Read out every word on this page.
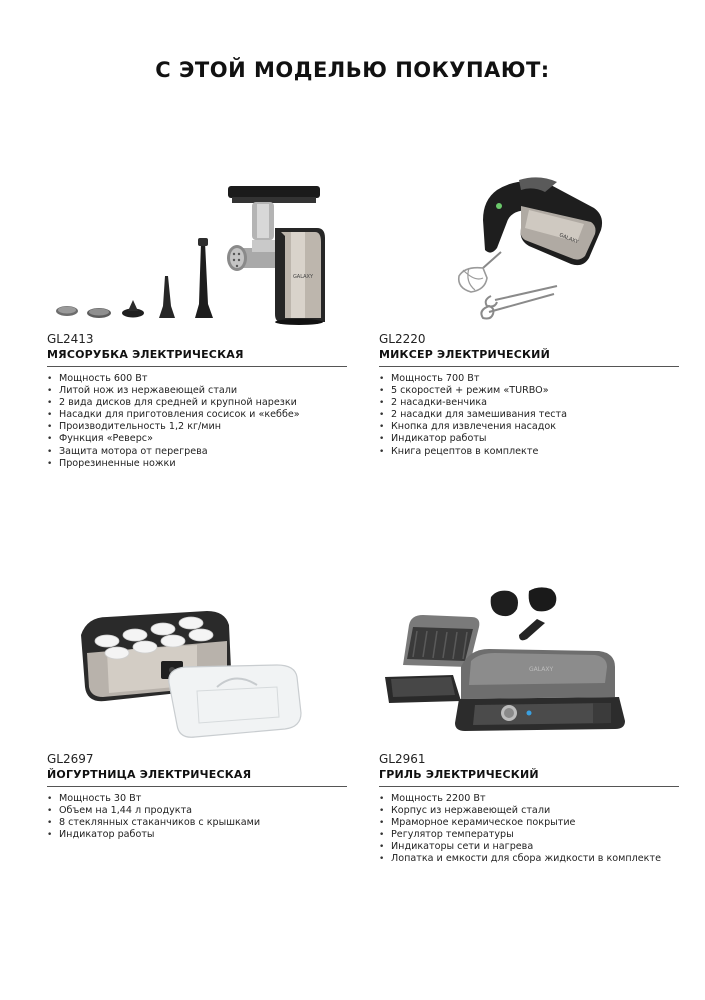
С ЭТОЙ МОДЕЛЬЮ ПОКУПАЮТ:
GALAXY
GL2413
МЯСОРУБКА ЭЛЕКТРИЧЕСКАЯ
• Мощность 600 Вт
• Литой нож из нержавеющей стали
• 2 вида дисков для средней и крупной нарезки
• Насадки для приготовления сосисок и «кеббе»
• Производительность 1,2 кг/мин
• Функция «Реверс»
• Защита мотора от перегрева
• Прорезиненные ножки
GALAXY
GL2220
МИКСЕР ЭЛЕКТРИЧЕСКИЙ
• Мощность 700 Вт
• 5 скоростей + режим «TURBO»
• 2 насадки-венчика
• 2 насадки для замешивания теста
• Кнопка для извлечения насадок
• Индикатор работы
• Книга рецептов в комплекте
GL2697
ЙОГУРТНИЦА ЭЛЕКТРИЧЕСКАЯ
• Мощность 30 Вт
• Объем на 1,44 л продукта
• 8 стеклянных стаканчиков с крышками
• Индикатор работы
GALAXY
GL2961
ГРИЛЬ ЭЛЕКТРИЧЕСКИЙ
• Мощность 2200 Вт
• Корпус из нержавеющей стали
• Мраморное керамическое покрытие
• Регулятор температуры
• Индикаторы сети и нагрева
• Лопатка и емкости для сбора жидкости в комплекте
